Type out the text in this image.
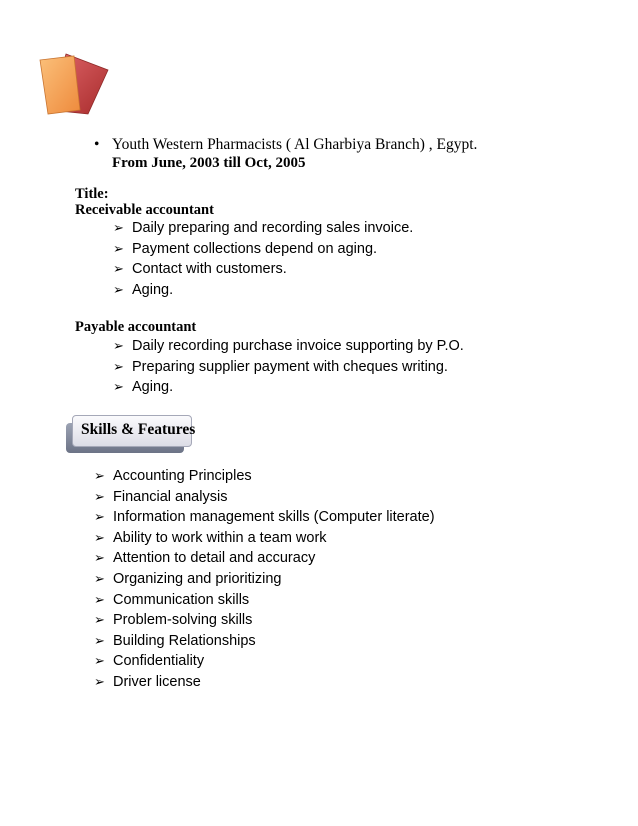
• Youth Western Pharmacists ( Al Gharbiya Branch) , Egypt.
From June, 2003 till Oct, 2005
Title:
Receivable accountant
➢ Daily preparing and recording sales invoice.
➢ Payment collections depend on aging.
➢ Contact with customers.
➢ Aging.
Payable accountant
➢ Daily recording purchase invoice supporting by P.O.
➢ Preparing supplier payment with cheques writing.
➢ Aging.
Skills & Features
➢ Accounting Principles
➢ Financial analysis
➢ Information management skills (Computer literate)
➢ Ability to work within a team work
➢ Attention to detail and accuracy
➢ Organizing and prioritizing
➢ Communication skills
➢ Problem-solving skills
➢ Building Relationships
➢ Confidentiality
➢ Driver license
